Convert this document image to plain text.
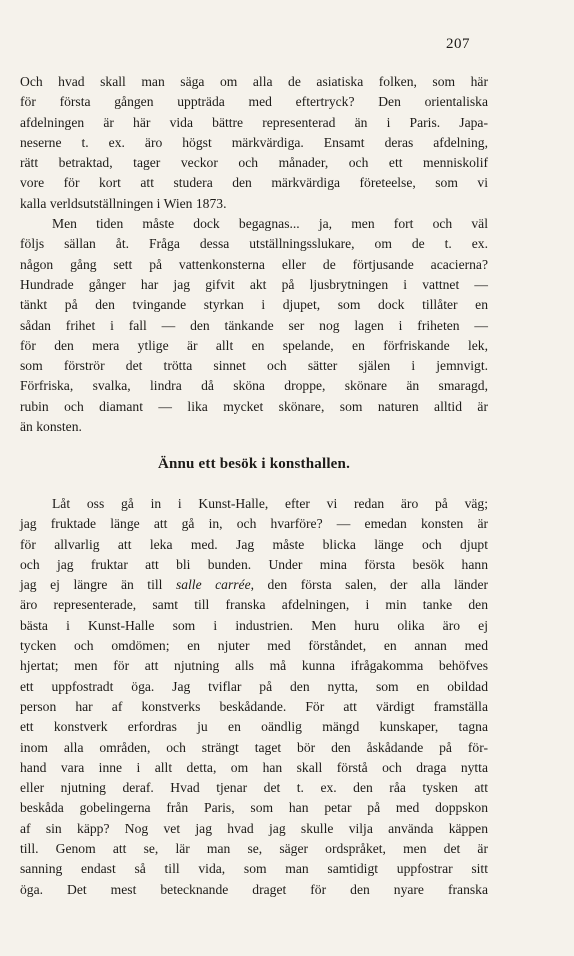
207
Och hvad skall man säga om alla de asiatiska folken, som här
för första gången uppträda med eftertryck? Den orientaliska
afdelningen är här vida bättre representerad än i Paris. Japa-
neserne t. ex. äro högst märkvärdiga. Ensamt deras afdelning,
rätt betraktad, tager veckor och månader, och ett menniskolif
vore för kort att studera den märkvärdiga företeelse, som vi
kalla verldsutställningen i Wien 1873.
Men tiden måste dock begagnas... ja, men fort och väl
följs sällan åt. Fråga dessa utställningsslukare, om de t. ex.
någon gång sett på vattenkonsterna eller de förtjusande acacierna?
Hundrade gånger har jag gifvit akt på ljusbrytningen i vattnet —
tänkt på den tvingande styrkan i djupet, som dock tillåter en
sådan frihet i fall — den tänkande ser nog lagen i friheten —
för den mera ytlige är allt en spelande, en förfriskande lek,
som förströr det trötta sinnet och sätter själen i jemnvigt.
Förfriska, svalka, lindra då sköna droppe, skönare än smaragd,
rubin och diamant — lika mycket skönare, som naturen alltid är
än konsten.
Ännu ett besök i konsthallen.
Låt oss gå in i Kunst-Halle, efter vi redan äro på väg;
jag fruktade länge att gå in, och hvarföre? — emedan konsten är
för allvarlig att leka med. Jag måste blicka länge och djupt
och jag fruktar att bli bunden. Under mina första besök hann
jag ej längre än till salle carrée, den första salen, der alla länder
äro representerade, samt till franska afdelningen, i min tanke den
bästa i Kunst-Halle som i industrien. Men huru olika äro ej
tycken och omdömen; en njuter med förståndet, en annan med
hjertat; men för att njutning alls må kunna ifrågakomma behöfves
ett uppfostradt öga. Jag tviflar på den nytta, som en obildad
person har af konstverks beskådande. För att värdigt framställa
ett konstverk erfordras ju en oändlig mängd kunskaper, tagna
inom alla områden, och strängt taget bör den åskådande på för-
hand vara inne i allt detta, om han skall förstå och draga nytta
eller njutning deraf. Hvad tjenar det t. ex. den råa tysken att
beskåda gobelingerna från Paris, som han petar på med doppskon
af sin käpp? Nog vet jag hvad jag skulle vilja använda käppen
till. Genom att se, lär man se, säger ordspråket, men det är
sanning endast så till vida, som man samtidigt uppfostrar sitt
öga. Det mest betecknande draget för den nyare franska
